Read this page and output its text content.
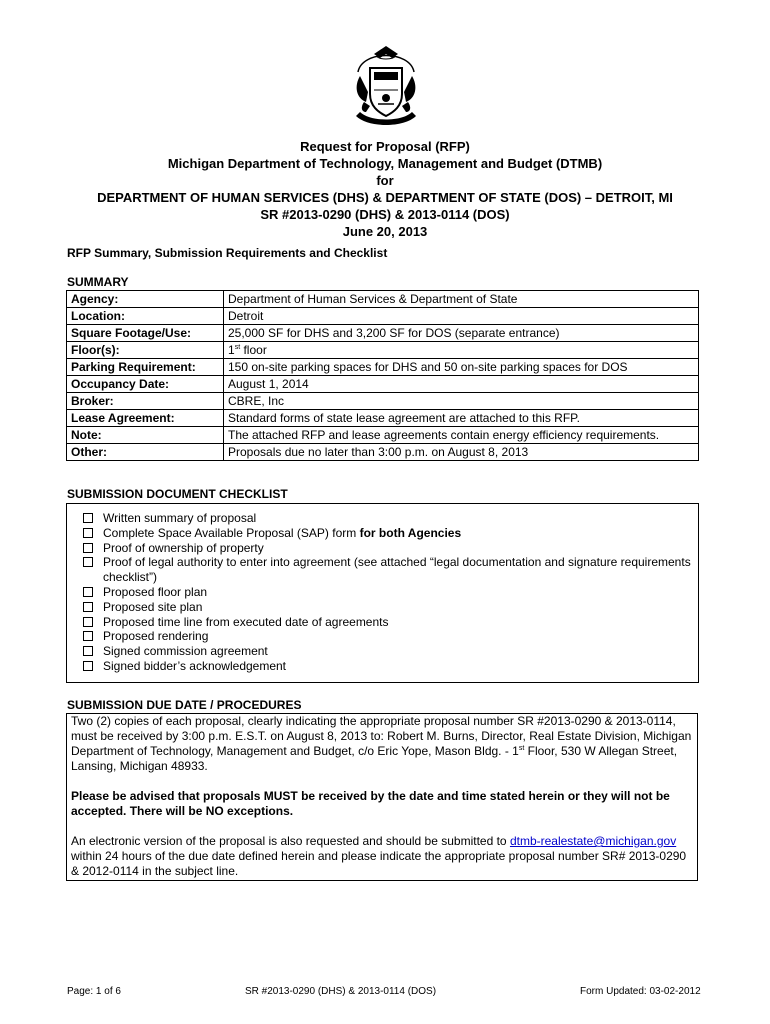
Request for Proposal (RFP)
Michigan Department of Technology, Management and Budget (DTMB)
for
DEPARTMENT OF HUMAN SERVICES (DHS) & DEPARTMENT OF STATE (DOS) – DETROIT, MI
SR #2013-0290 (DHS) & 2013-0114 (DOS)
June 20, 2013
RFP Summary, Submission Requirements and Checklist
SUMMARY
Agency:	Department of Human Services & Department of State
Location:	Detroit
Square Footage/Use:	25,000 SF for DHS and 3,200 SF for DOS (separate entrance)
Floor(s):	1st floor
Parking Requirement:	150 on-site parking spaces for DHS and 50 on-site parking spaces for DOS
Occupancy Date:	August 1, 2014
Broker:	CBRE, Inc
Lease Agreement:	Standard forms of state lease agreement are attached to this RFP.
Note:	The attached RFP and lease agreements contain energy efficiency requirements.
Other:	Proposals due no later than 3:00 p.m. on August 8, 2013
SUBMISSION DOCUMENT CHECKLIST
Written summary of proposal
Complete Space Available Proposal (SAP) form for both Agencies
Proof of ownership of property
Proof of legal authority to enter into agreement (see attached “legal documentation and signature requirements checklist”)
Proposed floor plan
Proposed site plan
Proposed time line from executed date of agreements
Proposed rendering
Signed commission agreement
Signed bidder’s acknowledgement
SUBMISSION DUE DATE / PROCEDURES

Two (2) copies of each proposal, clearly indicating the appropriate proposal number SR #2013-0290 & 2013-0114, must be received by 3:00 p.m. E.S.T. on August 8, 2013 to: Robert M. Burns, Director, Real Estate Division, Michigan Department of Technology, Management and Budget, c/o Eric Yope, Mason Bldg. - 1st Floor, 530 W Allegan Street, Lansing, Michigan 48933.

Please be advised that proposals MUST be received by the date and time stated herein or they will not be accepted. There will be NO exceptions.

An electronic version of the proposal is also requested and should be submitted to dtmb-realestate@michigan.gov within 24 hours of the due date defined herein and please indicate the appropriate proposal number SR# 2013-0290 & 2012-0114 in the subject line.

Page: 1 of 6	SR #2013-0290 (DHS) & 2013-0114 (DOS)	Form Updated: 03-02-2012
